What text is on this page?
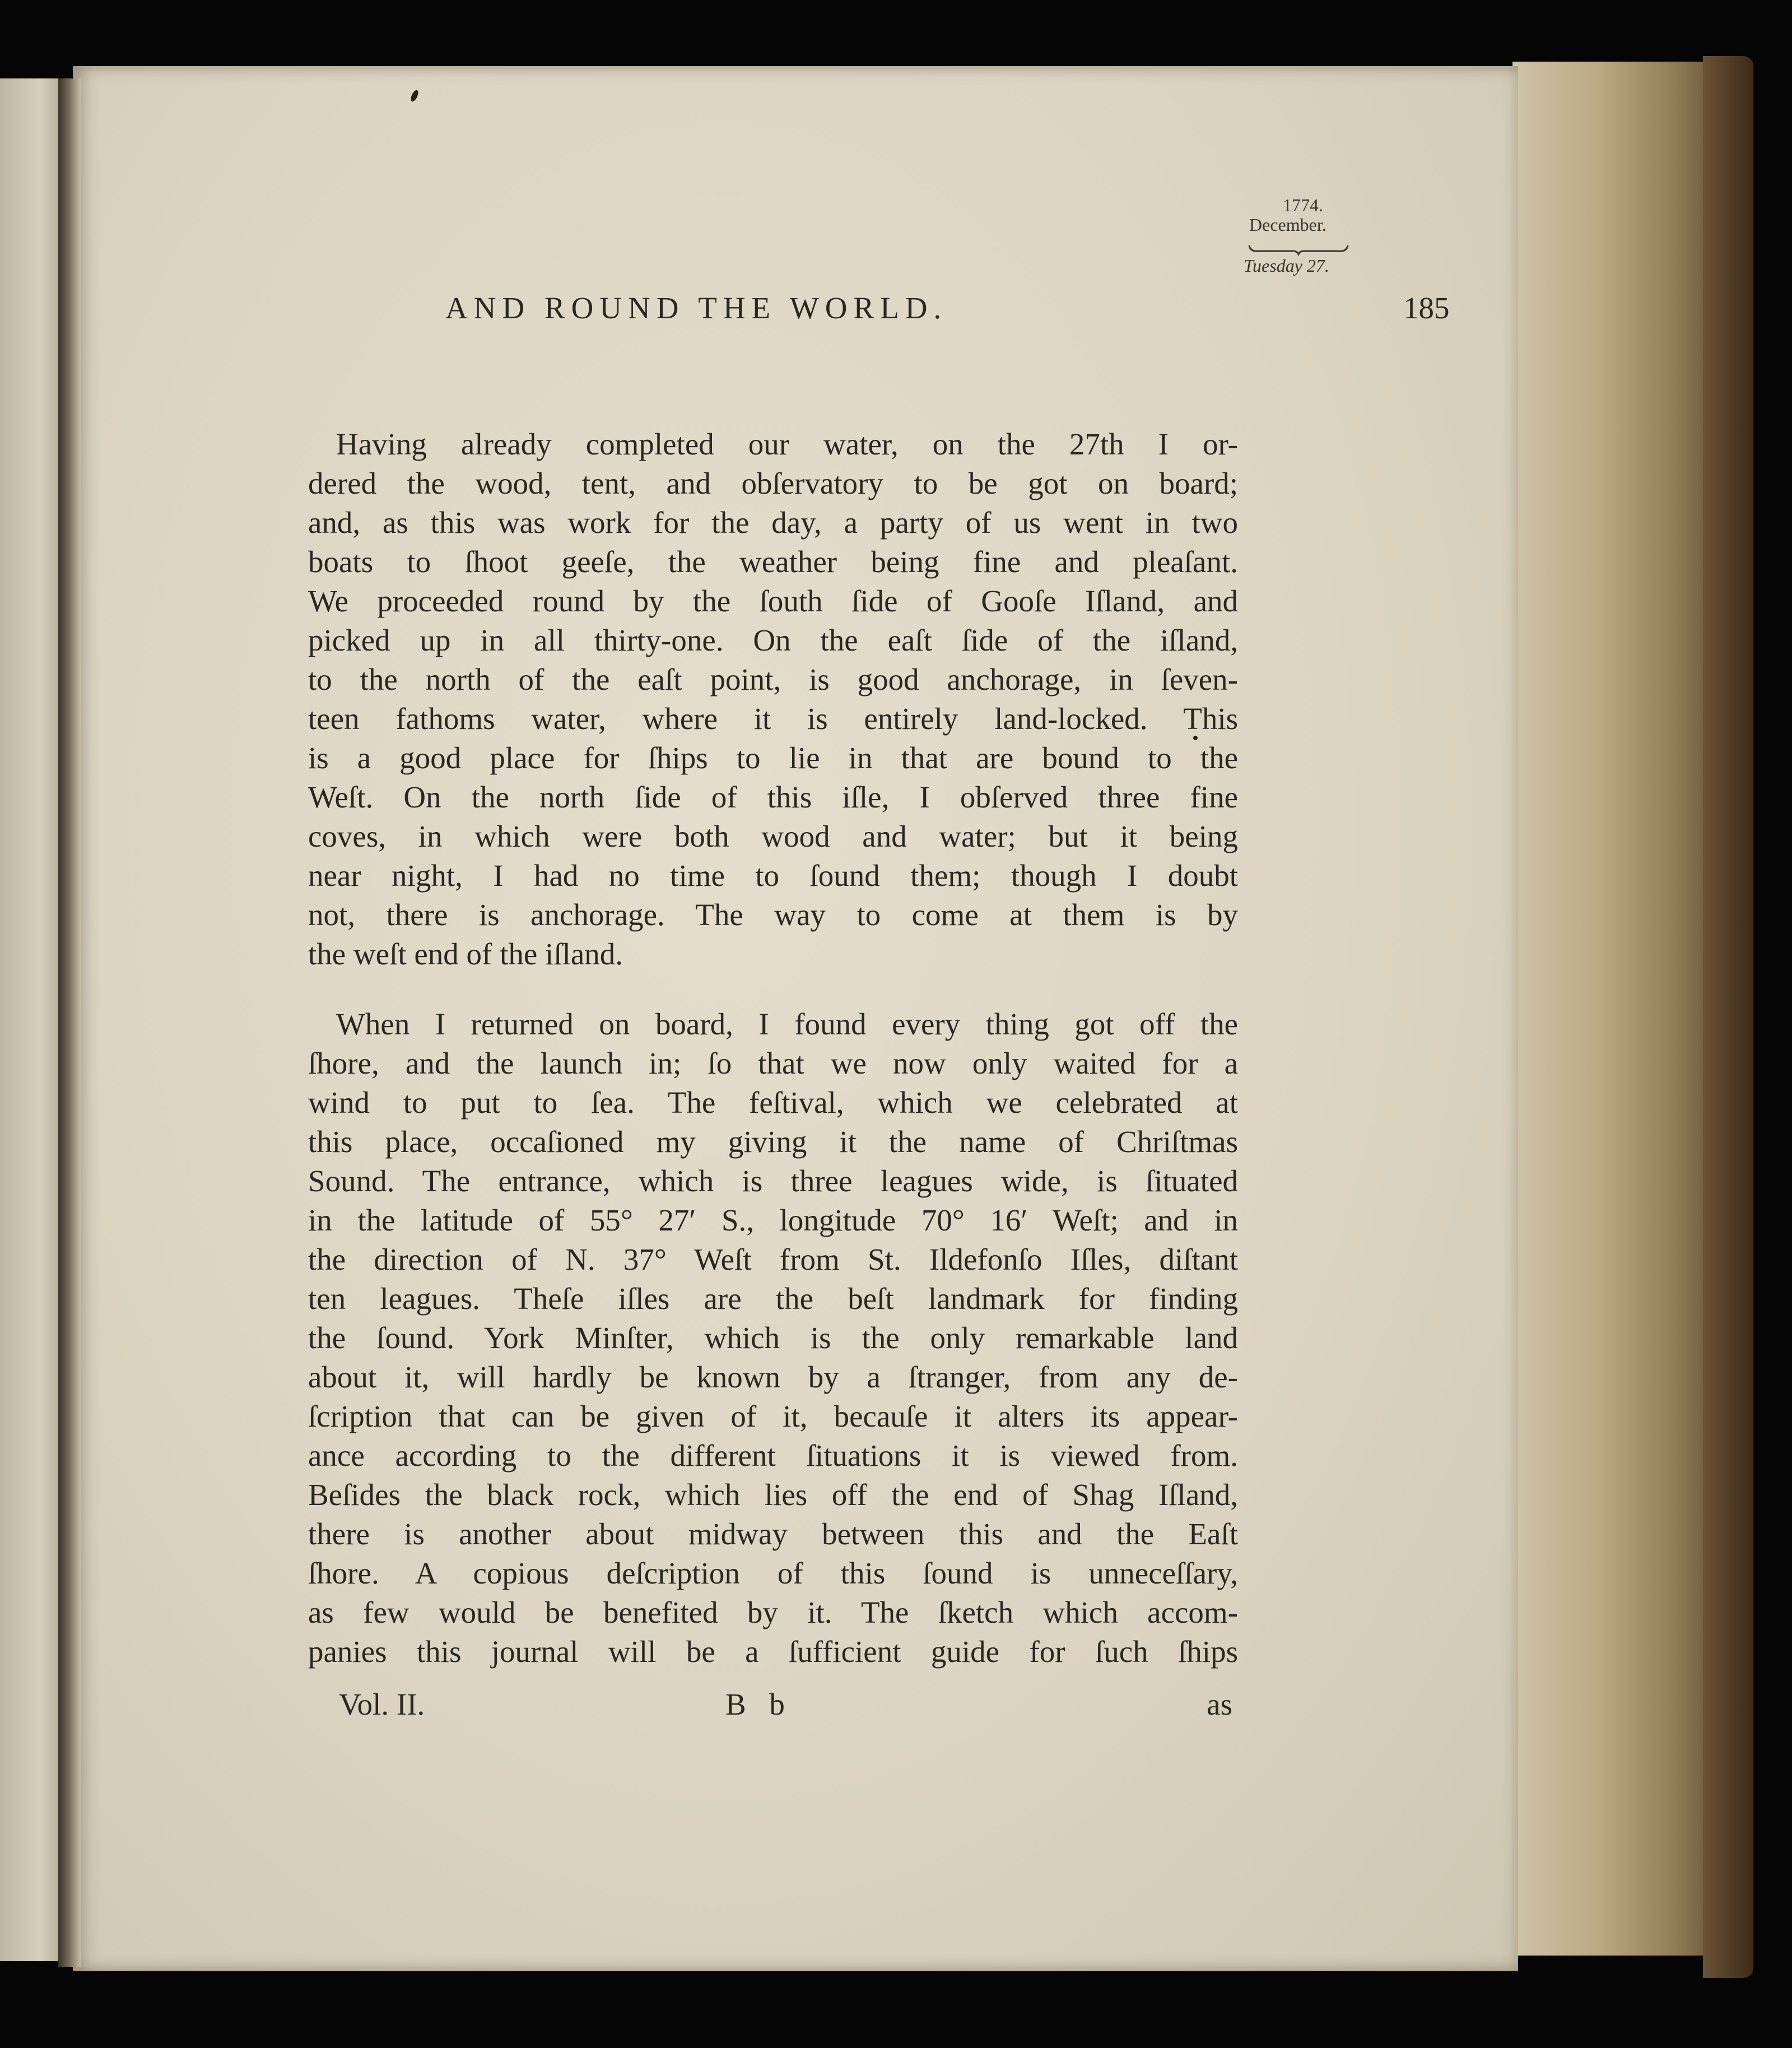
AND ROUND THE WORLD.	185
Having already completed our water, on the 27th I or-
dered the wood, tent, and obſervatory to be got on board;
and, as this was work for the day, a party of us went in two
boats to ſhoot geeſe, the weather being fine and pleaſant.
We proceeded round by the ſouth ſide of Gooſe Iſland, and
picked up in all thirty-one. On the eaſt ſide of the iſland,
to the north of the eaſt point, is good anchorage, in ſeven-
teen fathoms water, where it is entirely land-locked. This
is a good place for ſhips to lie in that are bound to the
Weſt. On the north ſide of this iſle, I obſerved three fine
coves, in which were both wood and water; but it being
near night, I had no time to ſound them; though I doubt
not, there is anchorage. The way to come at them is by
the weſt end of the iſland.
When I returned on board, I found every thing got off the
ſhore, and the launch in; ſo that we now only waited for a
wind to put to ſea. The feſtival, which we celebrated at
this place, occaſioned my giving it the name of Chriſtmas
Sound. The entrance, which is three leagues wide, is ſituated
in the latitude of 55° 27′ S., longitude 70° 16′ Weſt; and in
the direction of N. 37° Weſt from St. Ildefonſo Iſles, diſtant
ten leagues. Theſe iſles are the beſt landmark for finding
the ſound. York Minſter, which is the only remarkable land
about it, will hardly be known by a ſtranger, from any de-
ſcription that can be given of it, becauſe it alters its appear-
ance according to the different ſituations it is viewed from.
Beſides the black rock, which lies off the end of Shag Iſland,
there is another about midway between this and the Eaſt
ſhore. A copious deſcription of this ſound is unneceſſary,
as few would be benefited by it. The ſketch which accom-
panies this journal will be a ſufficient guide for ſuch ſhips
Vol. II.	B b	as
1774.
December.
Tuesday 27.
